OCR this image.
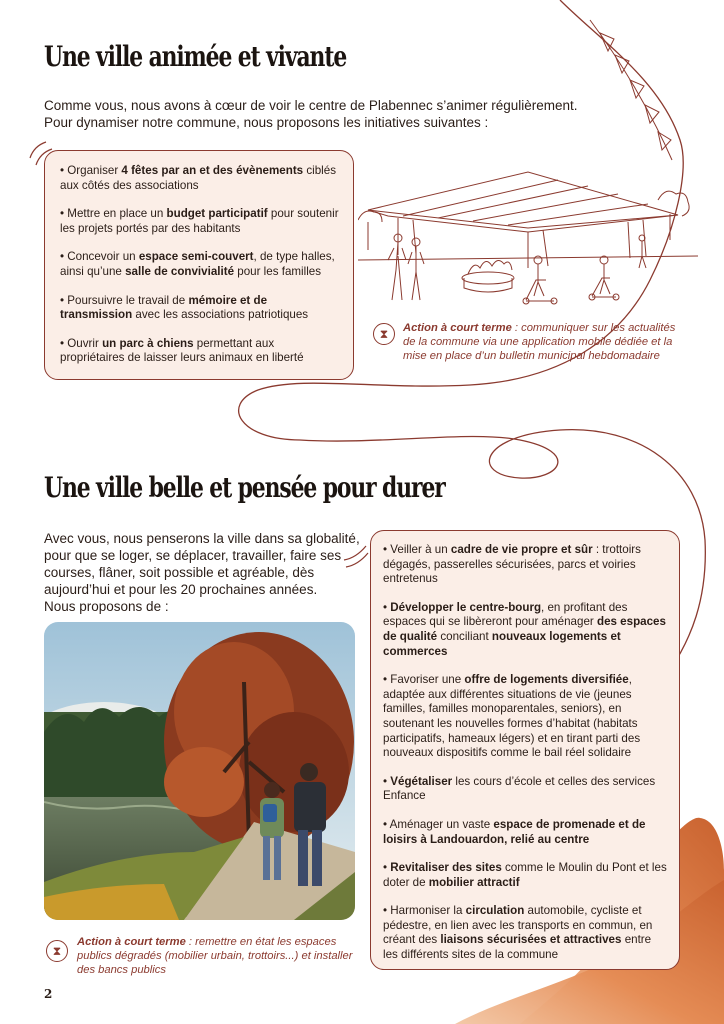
Une ville animée et vivante
Comme vous, nous avons à cœur de voir le centre de Plabennec s’animer régulièrement.
Pour dynamiser notre commune, nous proposons les initiatives suivantes :

• Organiser 4 fêtes par an et des évènements ciblés aux côtés des associations

• Mettre en place un budget participatif pour soutenir les projets portés par des habitants

• Concevoir un espace semi-couvert, de type halles, ainsi qu’une salle de convivialité pour les familles

• Poursuivre le travail de mémoire et de transmission avec les associations patriotiques

• Ouvrir un parc à chiens permettant aux propriétaires de laisser leurs animaux en liberté

⧗	Action à court terme : communiquer sur les actualités de la commune via une application mobile dédiée et la mise en place d’un bulletin municipal hebdomadaire
Une ville belle et pensée pour durer
Avec vous, nous penserons la ville dans sa globalité, pour que se loger, se déplacer, travailler, faire ses courses, flâner, soit possible et agréable, dès aujourd’hui et pour les 20 prochaines années.
Nous proposons de :
⧗
Action à court terme : remettre en état les espaces publics dégradés (mobilier urbain, trottoirs...) et installer des bancs publics

• Veiller à un cadre de vie propre et sûr : trottoirs dégagés, passerelles sécurisées, parcs et voiries entretenus

• Développer le centre-bourg, en profitant des espaces qui se libèreront pour aménager des espaces de qualité conciliant nouveaux logements et commerces

• Favoriser une offre de logements diversifiée, adaptée aux différentes situations de vie (jeunes familles, familles monoparentales, seniors), en soutenant les nouvelles formes d’habitat (habitats participatifs, hameaux légers) et en tirant parti des nouveaux dispositifs comme le bail réel solidaire

• Végétaliser les cours d’école et celles des services Enfance

• Aménager un vaste espace de promenade et de loisirs à Landouardon, relié au centre

• Revitaliser des sites comme le Moulin du Pont et les doter de mobilier attractif

• Harmoniser la circulation automobile, cycliste et pédestre, en lien avec les transports en commun, en créant des liaisons sécurisées et attractives entre les différents sites de la commune

2
